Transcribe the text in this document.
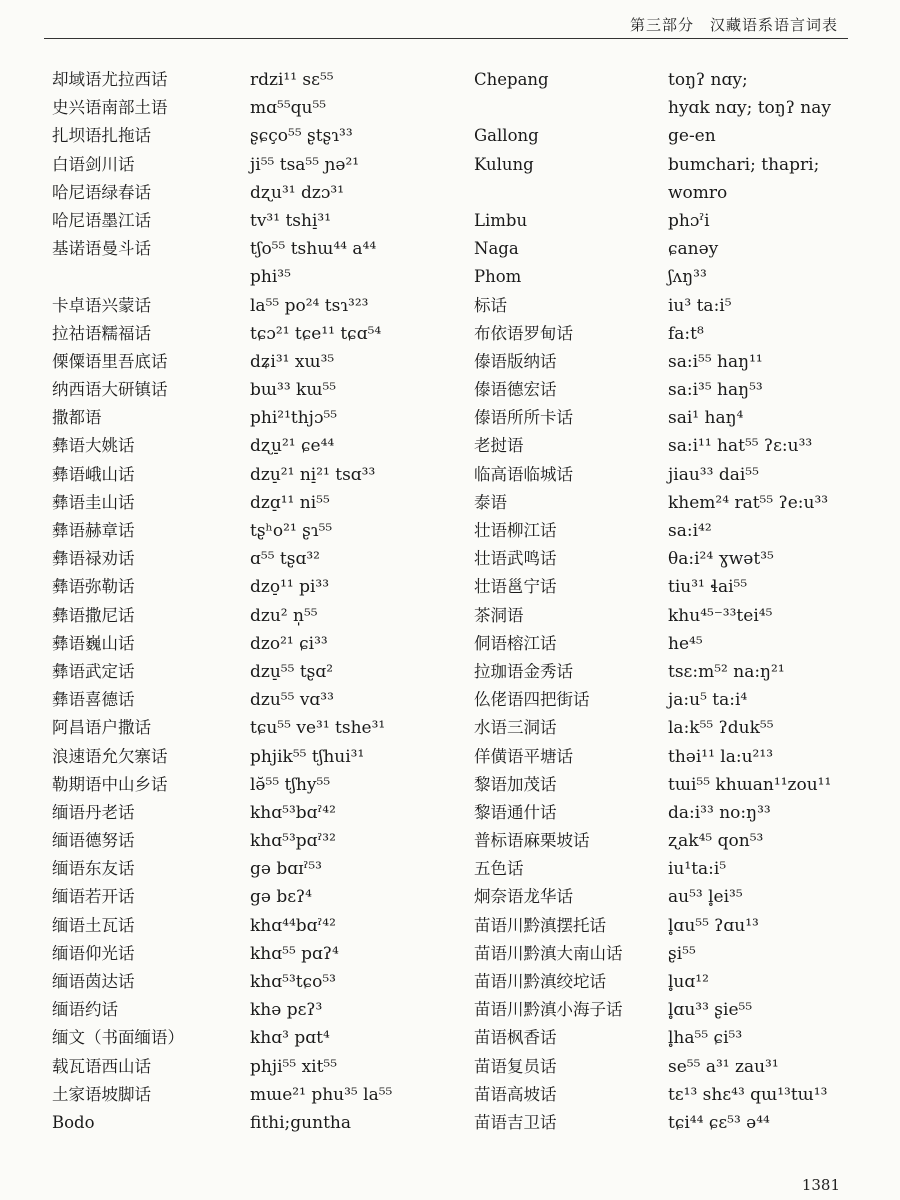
第三部分　汉藏语系语言词表
却域语尤拉西话
史兴语南部土语
扎坝语扎拖话
白语剑川话
哈尼语绿春话
哈尼语墨江话
基诺语曼斗话
卡卓语兴蒙话
拉祜语糯福话
傈僳语里吾底话
纳西语大研镇话
撒都语
彝语大姚话
彝语峨山话
彝语圭山话
彝语赫章话
彝语禄劝话
彝语弥勒话
彝语撒尼话
彝语巍山话
彝语武定话
彝语喜德话
阿昌语户撒话
浪速语允欠寨话
勒期语中山乡话
缅语丹老话
缅语德努话
缅语东友话
缅语若开话
缅语土瓦话
缅语仰光话
缅语茵达话
缅语约话
缅文（书面缅语）
载瓦语西山话
土家语坡脚话
Bodo
rdzi¹¹ sɛ⁵⁵
mɑ⁵⁵qu⁵⁵
ʂɕço⁵⁵ ʂtʂɿ³³
ji⁵⁵ tsa⁵⁵ ɲə²¹
dʐu³¹ dzɔ³¹
tv³¹ tshi̠³¹
tʃo⁵⁵ tshɯ⁴⁴ a⁴⁴
phi³⁵
la⁵⁵ po²⁴ tsɿ³²³
tɕɔ²¹ tɕe¹¹ tɕɑ⁵⁴
dʑi³¹ xɯ³⁵
bɯ³³ kɯ⁵⁵
phi²¹thjɔ⁵⁵
dʐu̠²¹ ɕe⁴⁴
dzu̠²¹ ni̠²¹ tsɑ³³
dzɑ̠¹¹ ni⁵⁵
tʂʰo²¹ ʂɿ⁵⁵
ɑ⁵⁵ tʂɑ³²
dzo̠¹¹ pi³³
dzu² n̩⁵⁵
dzo²¹ ɕi³³
dzu̠⁵⁵ tʂɑ²
dzu⁵⁵ vɑ³³
tɕu⁵⁵ ve³¹ tshe³¹
phjik⁵⁵ tʃhui³¹
lə̆⁵⁵ tʃhy⁵⁵
khɑ⁵³bɑˀ⁴²
khɑ⁵³pɑˀ³²
gə bɑɪˀ⁵³
gə bɛʔ⁴
khɑ⁴⁴bɑˀ⁴²
khɑ⁵⁵ pɑʔ⁴
khɑ⁵³tɕo⁵³
khə pɛʔ³
khɑ³ pɑt⁴
phji⁵⁵ xit⁵⁵
mɯe²¹ phu³⁵ la⁵⁵
fithi;guntha
Chepang
Gallong
Kulung
Limbu
Naga
Phom
标话
布依语罗甸话
傣语版纳话
傣语德宏话
傣语所所卡话
老挝语
临高语临城话
泰语
壮语柳江话
壮语武鸣话
壮语邕宁话
茶洞语
侗语榕江话
拉珈语金秀话
仫佬语四把街话
水语三洞话
佯僙语平塘话
黎语加茂话
黎语通什话
普标语麻栗坡话
五色话
炯奈语龙华话
苗语川黔滇摆托话
苗语川黔滇大南山话
苗语川黔滇绞坨话
苗语川黔滇小海子话
苗语枫香话
苗语复员话
苗语高坡话
苗语吉卫话
toŋʔ nɑy;
hyɑk nɑy; toŋʔ nay
ge-en
bumchari; thapri;
womro
phɔˀi
ɕanəy
ʃʌŋ³³
iu³ ta:i⁵
fa:t⁸
sa:i⁵⁵ haŋ¹¹
sa:i³⁵ haŋ⁵³
sai¹ haŋ⁴
sa:i¹¹ hat⁵⁵ ʔɛ:u³³
jiau³³ dai⁵⁵
khem²⁴ rat⁵⁵ ʔe:u³³
sa:i⁴²
θa:i²⁴ ɣwət³⁵
tiu³¹ ɬai⁵⁵
khu⁴⁵⁻³³tei⁴⁵
he⁴⁵
tsɛ:m⁵² na:ŋ²¹
ja:u⁵ ta:i⁴
la:k⁵⁵ ʔduk⁵⁵
thəi¹¹ la:u²¹³
tɯi⁵⁵ khɯan¹¹zou¹¹
da:i³³ no:ŋ³³
ʐak⁴⁵ qon⁵³
iu¹ta:i⁵
au⁵³ l̥ei³⁵
l̥ɑu⁵⁵ ʔɑu¹³
ʂi⁵⁵
l̥uɑ¹²
l̥ɑu³³ ʂie⁵⁵
l̥ha⁵⁵ ɕi⁵³
se⁵⁵ a³¹ zau³¹
tɛ¹³ shɛ⁴³ qɯ¹³tɯ¹³
tɕi⁴⁴ ɕɛ⁵³ ə⁴⁴
1381
